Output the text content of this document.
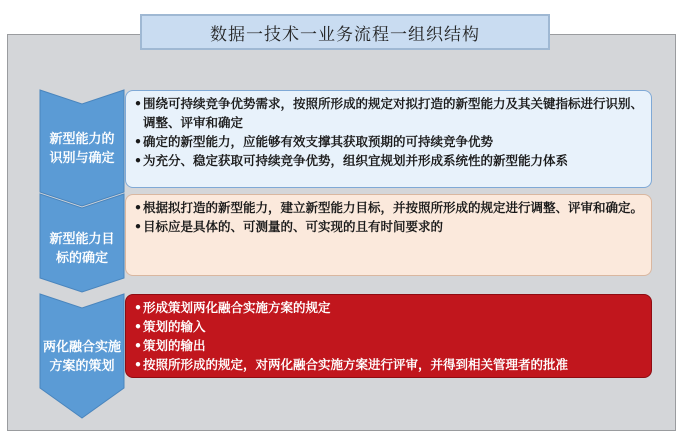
数据一技术一业务流程一组织结构
新型能力的
识别与确定
新型能力目
标的确定
两化融合实施
方案的策划
• 围绕可持续竞争优势需求，按照所形成的规定对拟打造的新型能力及其关键指标进行识别、调整、评审和确定
• 确定的新型能力，应能够有效支撑其获取预期的可持续竞争优势
• 为充分、稳定获取可持续竞争优势，组织宜规划并形成系统性的新型能力体系
• 根据拟打造的新型能力，建立新型能力目标，并按照所形成的规定进行调整、评审和确定。
• 目标应是具体的、可测量的、可实现的且有时间要求的
• 形成策划两化融合实施方案的规定
• 策划的输入
• 策划的输出
• 按照所形成的规定，对两化融合实施方案进行评审，并得到相关管理者的批准
